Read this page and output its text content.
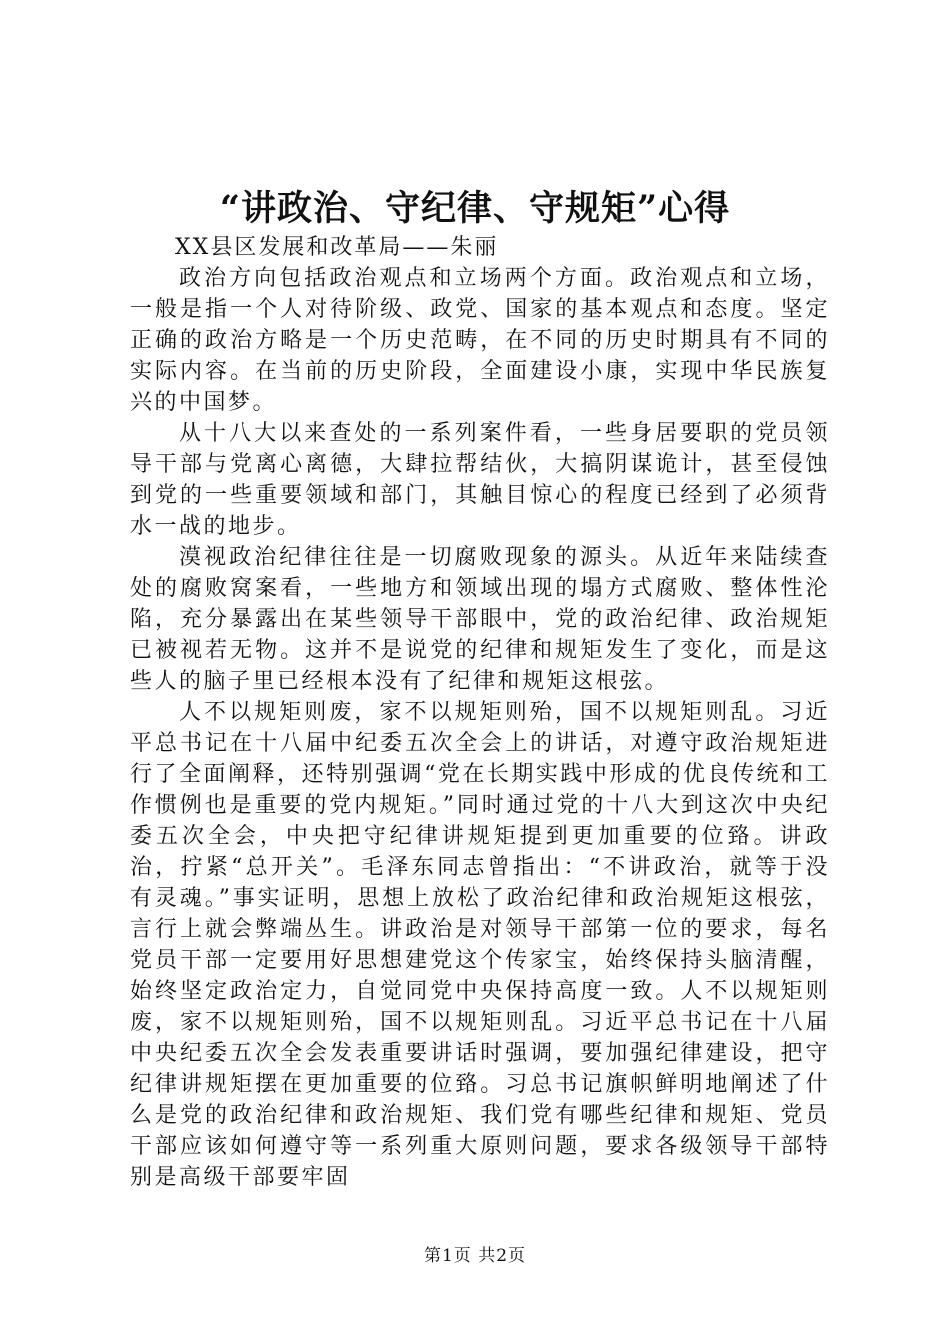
“讲政治、守纪律、守规矩”心得

XX县区发展和改革局——朱丽

政治方向包括政治观点和立场两个方面。政治观点和立场，一般是指一个人对待阶级、政党、国家的基本观点和态度。坚定正确的政治方略是一个历史范畴，在不同的历史时期具有不同的实际内容。在当前的历史阶段，全面建设小康，实现中华民族复兴的中国梦。

从十八大以来查处的一系列案件看，一些身居要职的党员领导干部与党离心离德，大肆拉帮结伙，大搞阴谋诡计，甚至侵蚀到党的一些重要领域和部门，其触目惊心的程度已经到了必须背水一战的地步。

漠视政治纪律往往是一切腐败现象的源头。从近年来陆续查处的腐败窝案看，一些地方和领域出现的塌方式腐败、整体性沦陷，充分暴露出在某些领导干部眼中，党的政治纪律、政治规矩已被视若无物。这并不是说党的纪律和规矩发生了变化，而是这些人的脑子里已经根本没有了纪律和规矩这根弦。

人不以规矩则废，家不以规矩则殆，国不以规矩则乱。习近平总书记在十八届中纪委五次全会上的讲话，对遵守政治规矩进行了全面阐释，还特别强调“党在长期实践中形成的优良传统和工作惯例也是重要的党内规矩。”同时通过党的十八大到这次中央纪委五次全会，中央把守纪律讲规矩提到更加重要的位臵。讲政治，拧紧“总开关”。毛泽东同志曾指出：“不讲政治，就等于没有灵魂。”事实证明，思想上放松了政治纪律和政治规矩这根弦，言行上就会弊端丛生。讲政治是对领导干部第一位的要求，每名党员干部一定要用好思想建党这个传家宝，始终保持头脑清醒，始终坚定政治定力，自觉同党中央保持高度一致。人不以规矩则废，家不以规矩则殆，国不以规矩则乱。习近平总书记在十八届中央纪委五次全会发表重要讲话时强调，要加强纪律建设，把守纪律讲规矩摆在更加重要的位臵。习总书记旗帜鲜明地阐述了什么是党的政治纪律和政治规矩、我们党有哪些纪律和规矩、党员干部应该如何遵守等一系列重大原则问题，要求各级领导干部特别是高级干部要牢固

第1页 共2页
